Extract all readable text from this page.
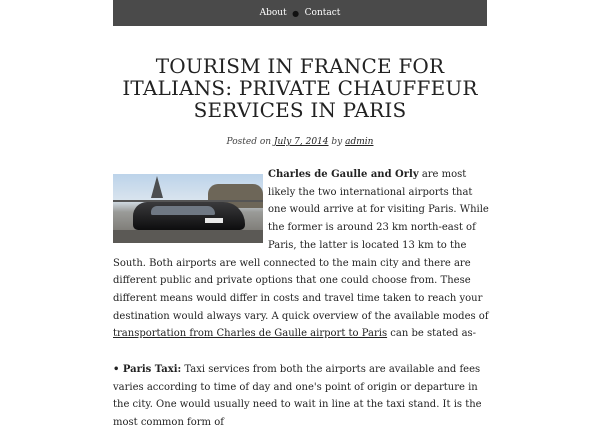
About ● Contact
TOURISM IN FRANCE FOR ITALIANS: PRIVATE CHAUFFEUR SERVICES IN PARIS
Posted on July 7, 2014 by admin

Charles de Gaulle and Orly are most likely the two international airports that one would arrive at for visiting Paris. While the former is around 23 km north-east of Paris, the latter is located 13 km to the South. Both airports are well connected to the main city and there are different public and private options that one could choose from. These different means would differ in costs and travel time taken to reach your destination would always vary. A quick overview of the available modes of transportation from Charles de Gaulle airport to Paris can be stated as-

• Paris Taxi: Taxi services from both the airports are available and fees varies according to time of day and one's point of origin or departure in the city. One would usually need to wait in line at the taxi stand. It is the most common form of
